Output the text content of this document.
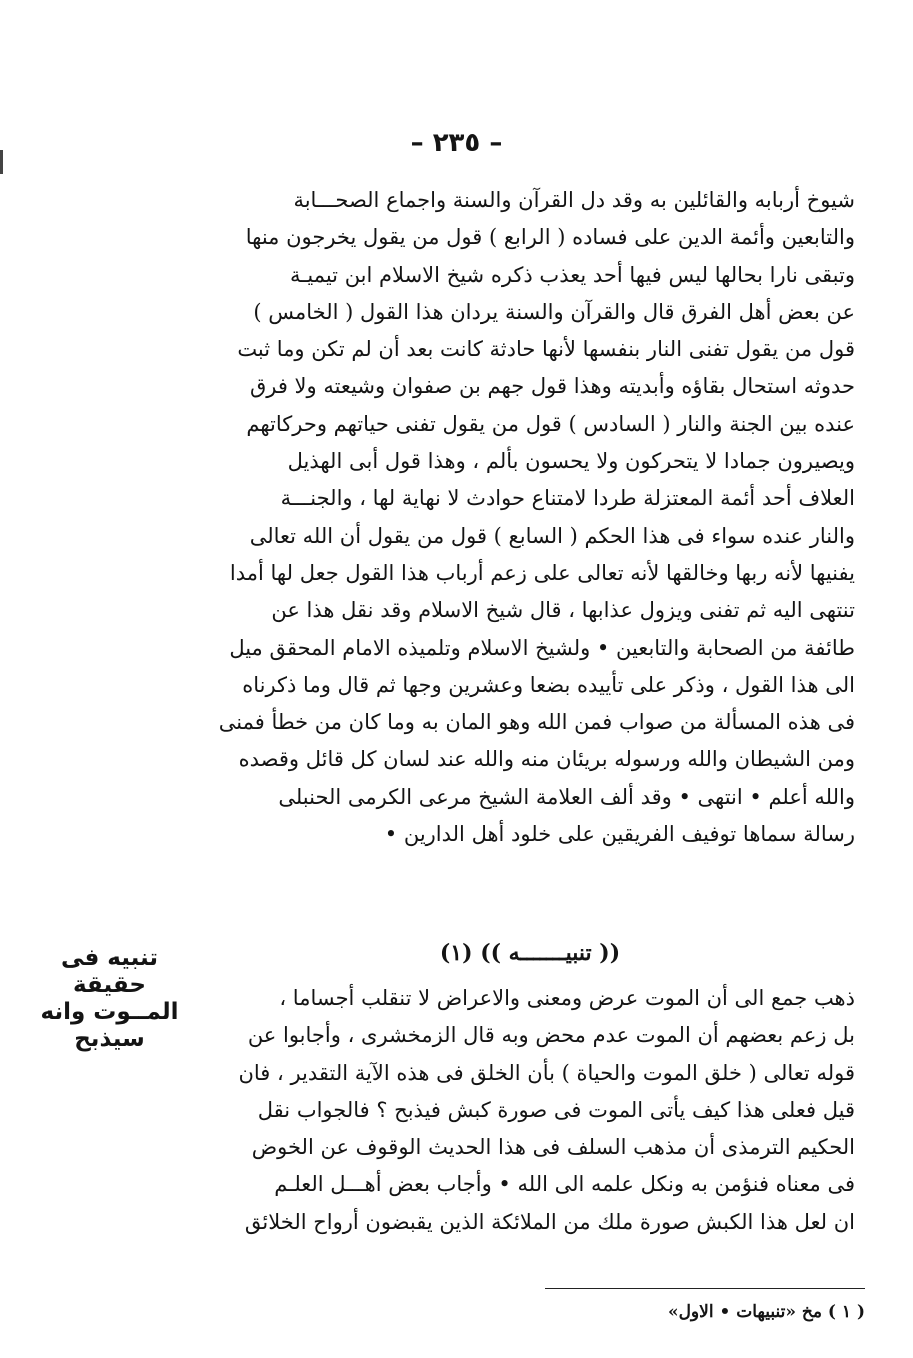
– ٢٣٥ –
شيوخ أربابه والقائلين به وقد دل القرآن والسنة واجماع الصحـــابة
والتابعين وأئمة الدين على فساده ( الرابع ) قول من يقول يخرجون منها
وتبقى نارا بحالها ليس فيها أحد يعذب ذكره شيخ الاسلام ابن تيميـة
عن بعض أهل الفرق قال والقرآن والسنة يردان هذا القول ( الخامس )
قول من يقول تفنى النار بنفسها لأنها حادثة كانت بعد أن لم تكن وما ثبت
حدوثه استحال بقاؤه وأبديته وهذا قول جهم بن صفوان وشيعته ولا فرق
عنده بين الجنة والنار ( السادس ) قول من يقول تفنى حياتهم وحركاتهم
ويصيرون جمادا لا يتحركون ولا يحسون بألم ، وهذا قول أبى الهذيل
العلاف أحد أئمة المعتزلة طردا لامتناع حوادث لا نهاية لها ، والجنـــة
والنار عنده سواء فى هذا الحكم ( السابع ) قول من يقول أن الله تعالى
يفنيها لأنه ربها وخالقها لأنه تعالى على زعم أرباب هذا القول جعل لها أمدا
تنتهى اليه ثم تفنى ويزول عذابها ، قال شيخ الاسلام وقد نقل هذا عن
طائفة من الصحابة والتابعين • ولشيخ الاسلام وتلميذه الامام المحقق ميل
الى هذا القول ، وذكر على تأييده بضعا وعشرين وجها ثم قال وما ذكرناه
فى هذه المسألة من صواب فمن الله وهو المان به وما كان من خطأ فمنى
ومن الشيطان والله ورسوله بريئان منه والله عند لسان كل قائل وقصده
والله أعلم • انتهى • وقد ألف العلامة الشيخ مرعى الكرمى الحنبلى
رسالة سماها توفيف الفريقين على خلود أهل الدارين •
(( تنبيـــــــه )) (١)
تنبيه فى حقيقة
المــوت وانه
سيذبح
ذهب جمع الى أن الموت عرض ومعنى والاعراض لا تنقلب أجساما ،
بل زعم بعضهم أن الموت عدم محض وبه قال الزمخشرى ، وأجابوا عن
قوله تعالى ( خلق الموت والحياة ) بأن الخلق فى هذه الآية التقدير ، فان
قيل فعلى هذا كيف يأتى الموت فى صورة كبش فيذبح ؟ فالجواب نقل
الحكيم الترمذى أن مذهب السلف فى هذا الحديث الوقوف عن الخوض
فى معناه فنؤمن به ونكل علمه الى الله • وأجاب بعض أهـــل العلـم
ان لعل هذا الكبش صورة ملك من الملائكة الذين يقبضون أرواح الخلائق
( ١ ) مخ «تنبيهات • الاول»
